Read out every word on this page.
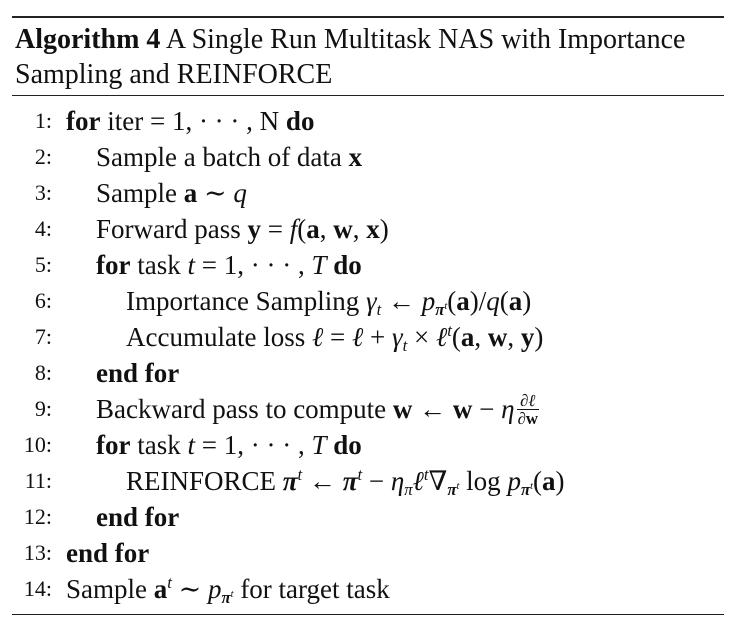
Algorithm 4 A Single Run Multitask NAS with Importance
Sampling and REINFORCE
1: for iter = 1, · · · , N do
2: Sample a batch of data x
3: Sample a ∼ q
4: Forward pass y = f(a, w, x)
5: for task t = 1, · · · , T do
6:	Importance Sampling $\gamma_t$ ← $p_{\pi^t}(a)/q(a)$
7:	Accumulate loss ℓ = ℓ + $\gamma_t$ × ℓ$^t$(a, w, y)
8: end for
9: Backward pass to compute w ← w − η $\frac{\text{∂ℓ}}{\partial w}$
10: for task t = 1, · · · , T do
11:	REINFORCE $\pi^t$ ← $\pi^t$ − $\eta_\pi\ell^t\nabla_{\pi^t}$ $\log p_{\pi^t}(a)$
12: end for
13: end for
14: Sample $a^t$ ∼ $p_{\pi^t}$ for target task
